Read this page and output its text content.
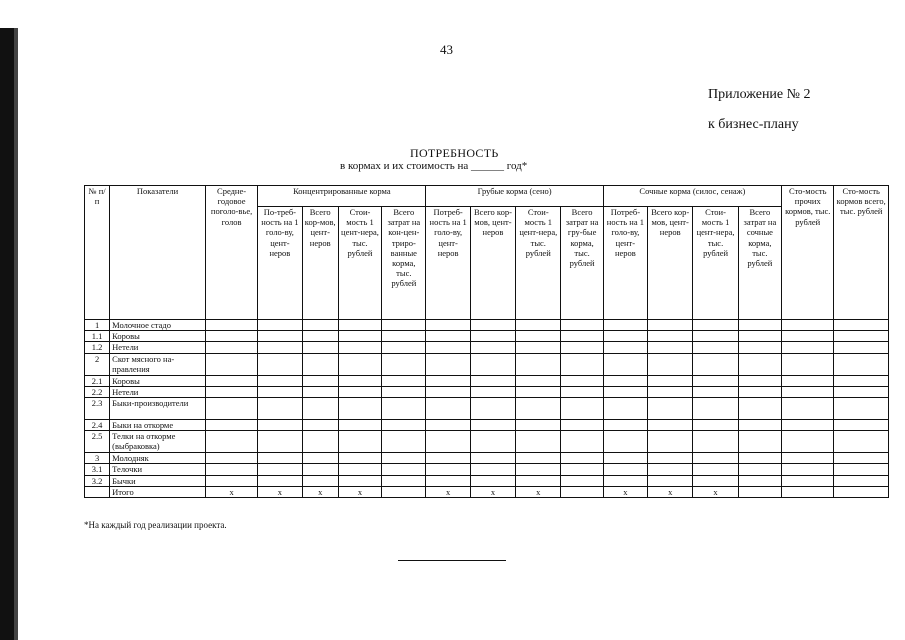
43
Приложение № 2
к бизнес-плану
ПОТРЕБНОСТЬ
в кормах и их стоимость на ______ год*
№ п/п	Показатели	Средне-годовое поголо-вье, голов	Концентрированные корма				Грубые корма (сено)				Сочные корма (силос, сенаж)				Сто-мость прочих кормов, тыс. рублей	Сто-мость кормов всего, тыс. рублей
			По-треб-ность на 1 голо-ву, цент-неров	Всего кор-мов, цент-неров	Стои-мость 1 цент-нера, тыс. рублей	Всего затрат на кон-цен-триро-ванные корма, тыс. рублей	Потреб-ность на 1 голо-ву, цент-неров	Всего кор-мов, цент-неров	Стои-мость 1 цент-нера, тыс. рублей	Всего затрат на гру-бые корма, тыс. рублей	Потреб-ность на 1 голо-ву, цент-неров	Всего кор-мов, цент-неров	Стои-мость 1 цент-нера, тыс. рублей	Всего затрат на сочные корма, тыс. рублей		
1	Молочное стадо															
1.1	Коровы															
1.2	Нетели															
2	Скот мясного на-правления															
2.1	Коровы															
2.2	Нетели															
2.3	Быки-производители															
2.4	Быки на откорме															
2.5	Телки на откорме (выбраковка)															
3	Молодняк															
3.1	Телочки															
3.2	Бычки															
	Итого	x	x	x	x		x	x	x		x	x	x			
*На каждый год реализации проекта.
